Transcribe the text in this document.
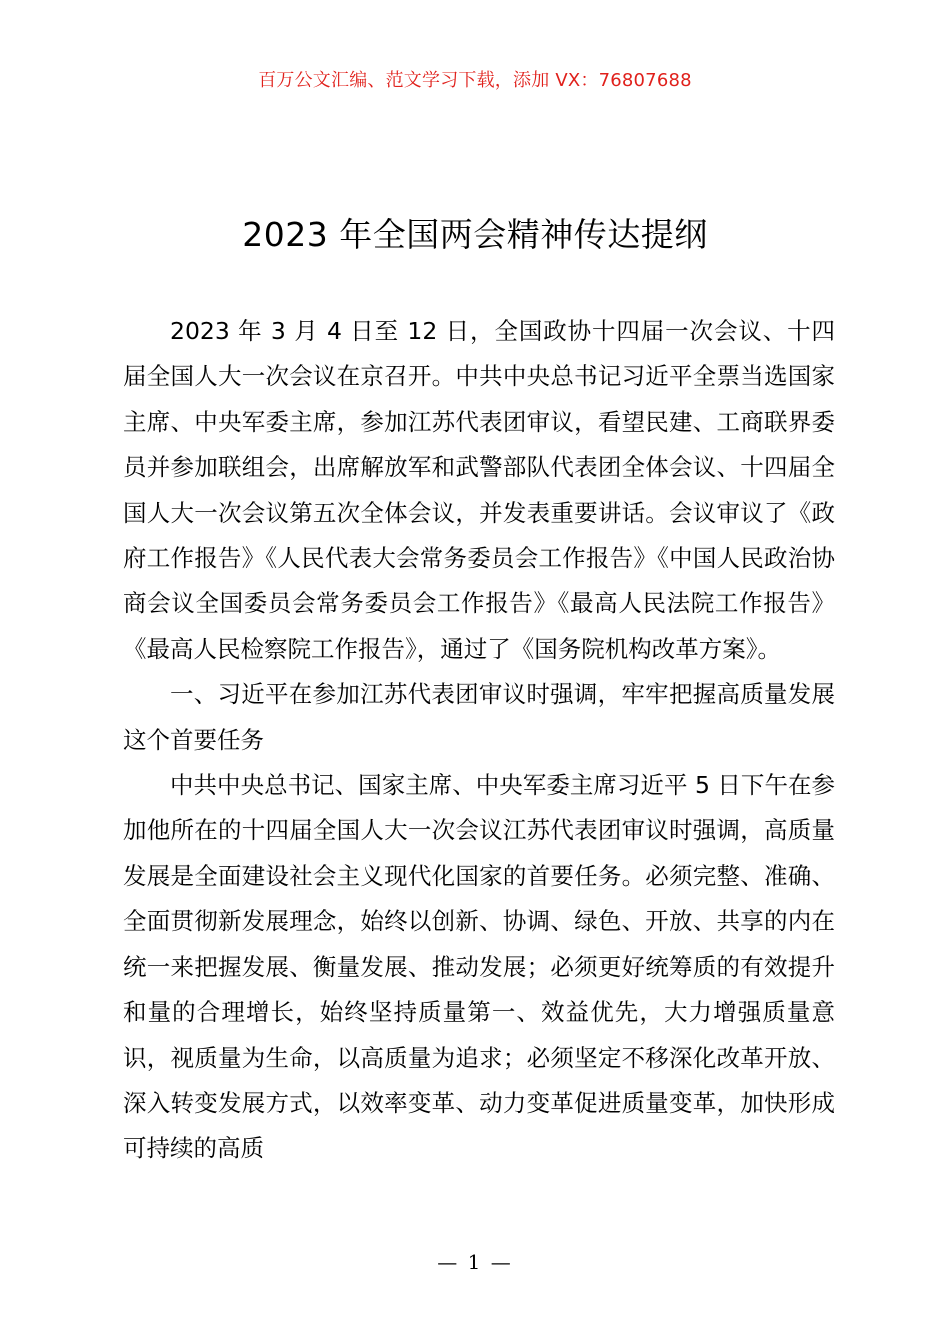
百万公文汇编、范文学习下载，添加 VX：76807688
2023 年全国两会精神传达提纲

2023 年 3 月 4 日至 12 日，全国政协十四届一次会议、十四届全国人大一次会议在京召开。中共中央总书记习近平全票当选国家主席、中央军委主席，参加江苏代表团审议，看望民建、工商联界委员并参加联组会，出席解放军和武警部队代表团全体会议、十四届全国人大一次会议第五次全体会议，并发表重要讲话。会议审议了《政府工作报告》《人民代表大会常务委员会工作报告》《中国人民政治协商会议全国委员会常务委员会工作报告》《最高人民法院工作报告》《最高人民检察院工作报告》，通过了《国务院机构改革方案》。

一、习近平在参加江苏代表团审议时强调，牢牢把握高质量发展这个首要任务

中共中央总书记、国家主席、中央军委主席习近平 5 日下午在参加他所在的十四届全国人大一次会议江苏代表团审议时强调，高质量发展是全面建设社会主义现代化国家的首要任务。必须完整、准确、全面贯彻新发展理念，始终以创新、协调、绿色、开放、共享的内在统一来把握发展、衡量发展、推动发展；必须更好统筹质的有效提升和量的合理增长，始终坚持质量第一、效益优先，大力增强质量意识，视质量为生命，以高质量为追求；必须坚定不移深化改革开放、深入转变发展方式，以效率变革、动力变革促进质量变革，加快形成可持续的高质

— 1 —
